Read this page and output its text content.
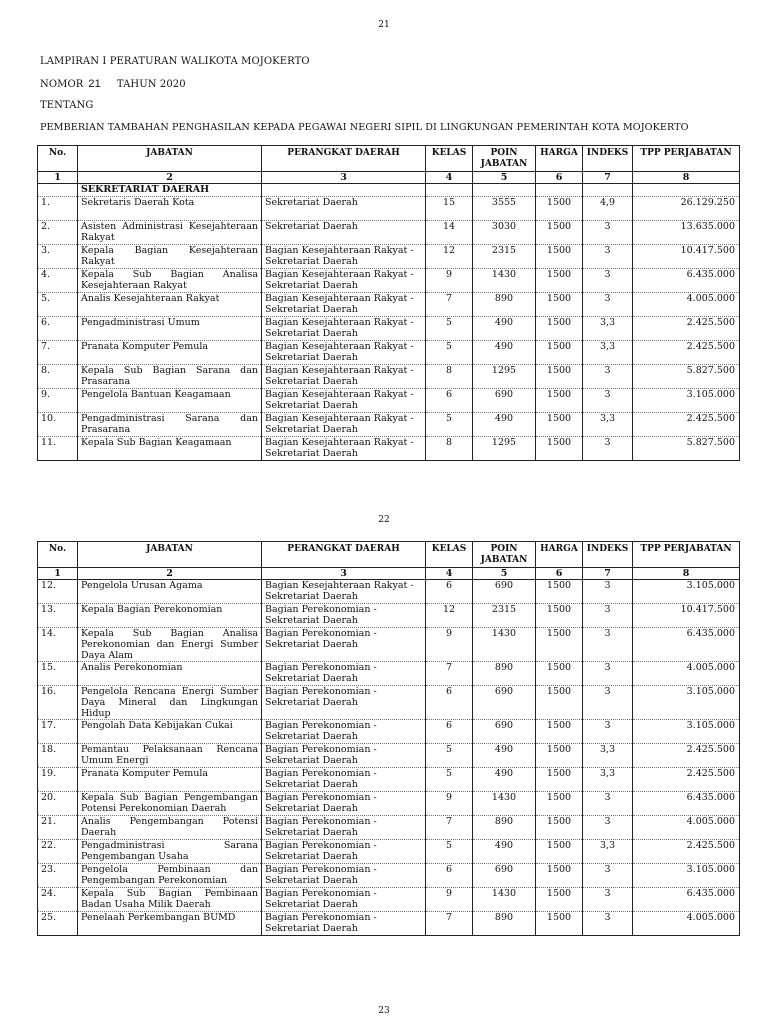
21
LAMPIRAN I PERATURAN WALIKOTA MOJOKERTO
NOMOR 21 TAHUN 2020
TENTANG
PEMBERIAN TAMBAHAN PENGHASILAN KEPADA PEGAWAI NEGERI SIPIL DI LINGKUNGAN PEMERINTAH KOTA MOJOKERTO
No.	JABATAN	PERANGKAT DAERAH	KELAS	POIN JABATAN	HARGA	INDEKS	TPP PERJABATAN
1	2	3	4	5	6	7	8
	SEKRETARIAT DAERAH						
1.	Sekretaris Daerah Kota	Sekretariat Daerah	15	3555	1500	4,9	26.129.250
2.	Asisten Administrasi Kesejahteraan Rakyat	Sekretariat Daerah	14	3030	1500	3	13.635.000
3.	Kepala Bagian Kesejahteraan Rakyat	Bagian Kesejahteraan Rakyat - Sekretariat Daerah	12	2315	1500	3	10.417.500
4.	Kepala Sub Bagian Analisa Kesejahteraan Rakyat	Bagian Kesejahteraan Rakyat - Sekretariat Daerah	9	1430	1500	3	6.435.000
5.	Analis Kesejahteraan Rakyat	Bagian Kesejahteraan Rakyat - Sekretariat Daerah	7	890	1500	3	4.005.000
6.	Pengadministrasi Umum	Bagian Kesejahteraan Rakyat - Sekretariat Daerah	5	490	1500	3,3	2.425.500
7.	Pranata Komputer Pemula	Bagian Kesejahteraan Rakyat - Sekretariat Daerah	5	490	1500	3,3	2.425.500
8.	Kepala Sub Bagian Sarana dan Prasarana	Bagian Kesejahteraan Rakyat - Sekretariat Daerah	8	1295	1500	3	5.827.500
9.	Pengelola Bantuan Keagamaan	Bagian Kesejahteraan Rakyat - Sekretariat Daerah	6	690	1500	3	3.105.000
10.	Pengadministrasi Sarana dan Prasarana	Bagian Kesejahteraan Rakyat - Sekretariat Daerah	5	490	1500	3,3	2.425.500
11.	Kepala Sub Bagian Keagamaan	Bagian Kesejahteraan Rakyat - Sekretariat Daerah	8	1295	1500	3	5.827.500
22
No.	JABATAN	PERANGKAT DAERAH	KELAS	POIN JABATAN	HARGA	INDEKS	TPP PERJABATAN
1	2	3	4	5	6	7	8
12.	Pengelola Urusan Agama	Bagian Kesejahteraan Rakyat - Sekretariat Daerah	6	690	1500	3	3.105.000
13.	Kepala Bagian Perekonomian	Bagian Perekonomian - Sekretariat Daerah	12	2315	1500	3	10.417.500
14.	Kepala Sub Bagian Analisa Perekonomian dan Energi Sumber Daya Alam	Bagian Perekonomian - Sekretariat Daerah	9	1430	1500	3	6.435.000
15.	Analis Perekonomian	Bagian Perekonomian - Sekretariat Daerah	7	890	1500	3	4.005.000
16.	Pengelola Rencana Energi Sumber Daya Mineral dan Lingkungan Hidup	Bagian Perekonomian - Sekretariat Daerah	6	690	1500	3	3.105.000
17.	Pengolah Data Kebijakan Cukai	Bagian Perekonomian - Sekretariat Daerah	6	690	1500	3	3.105.000
18.	Pemantau Pelaksanaan Rencana Umum Energi	Bagian Perekonomian - Sekretariat Daerah	5	490	1500	3,3	2.425.500
19.	Pranata Komputer Pemula	Bagian Perekonomian - Sekretariat Daerah	5	490	1500	3,3	2.425.500
20.	Kepala Sub Bagian Pengembangan Potensi Perekonomian Daerah	Bagian Perekonomian - Sekretariat Daerah	9	1430	1500	3	6.435.000
21.	Analis Pengembangan Potensi Daerah	Bagian Perekonomian - Sekretariat Daerah	7	890	1500	3	4.005.000
22.	Pengadministrasi Sarana Pengembangan Usaha	Bagian Perekonomian - Sekretariat Daerah	5	490	1500	3,3	2.425.500
23.	Pengelola Pembinaan dan Pengembangan Perekonomian	Bagian Perekonomian - Sekretariat Daerah	6	690	1500	3	3.105.000
24.	Kepala Sub Bagian Pembinaan Badan Usaha Milik Daerah	Bagian Perekonomian - Sekretariat Daerah	9	1430	1500	3	6.435.000
25.	Penelaah Perkembangan BUMD	Bagian Perekonomian - Sekretariat Daerah	7	890	1500	3	4.005.000
23
